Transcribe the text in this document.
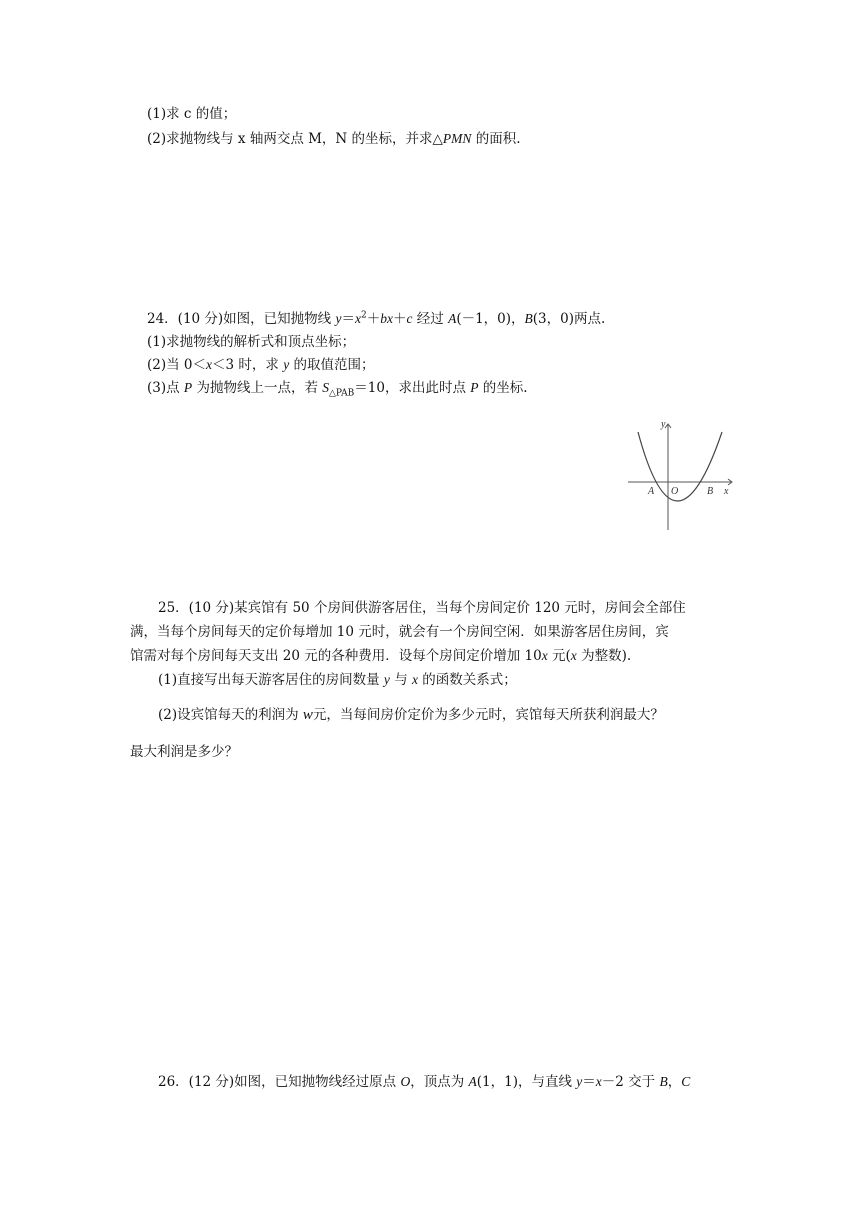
(1)求 c 的值；
(2)求抛物线与 x 轴两交点 M，N 的坐标，并求△PMN 的面积.
24．(10 分)如图，已知抛物线 $y=x^2+bx+c$ 经过 A(－1，0)，B(3，0)两点.
(1)求抛物线的解析式和顶点坐标；
(2)当 0＜x＜3 时，求 y 的取值范围；
(3)点 P 为抛物线上一点，若 $S_{\triangle PAB}=10$，求出此时点 P 的坐标.
y
x
O
A	B
25．(10 分)某宾馆有 50 个房间供游客居住，当每个房间定价 120 元时，房间会全部住
满，当每个房间每天的定价每增加 10 元时，就会有一个房间空闲．如果游客居住房间，宾
馆需对每个房间每天支出 20 元的各种费用．设每个房间定价增加 10x 元(x 为整数).
(1)直接写出每天游客居住的房间数量 y 与 x 的函数关系式；
(2)设宾馆每天的利润为 w元，当每间房价定价为多少元时，宾馆每天所获利润最大？
最大利润是多少？
26．(12 分)如图，已知抛物线经过原点 O，顶点为 A(1，1)，与直线 y＝x－2 交于 B，C
